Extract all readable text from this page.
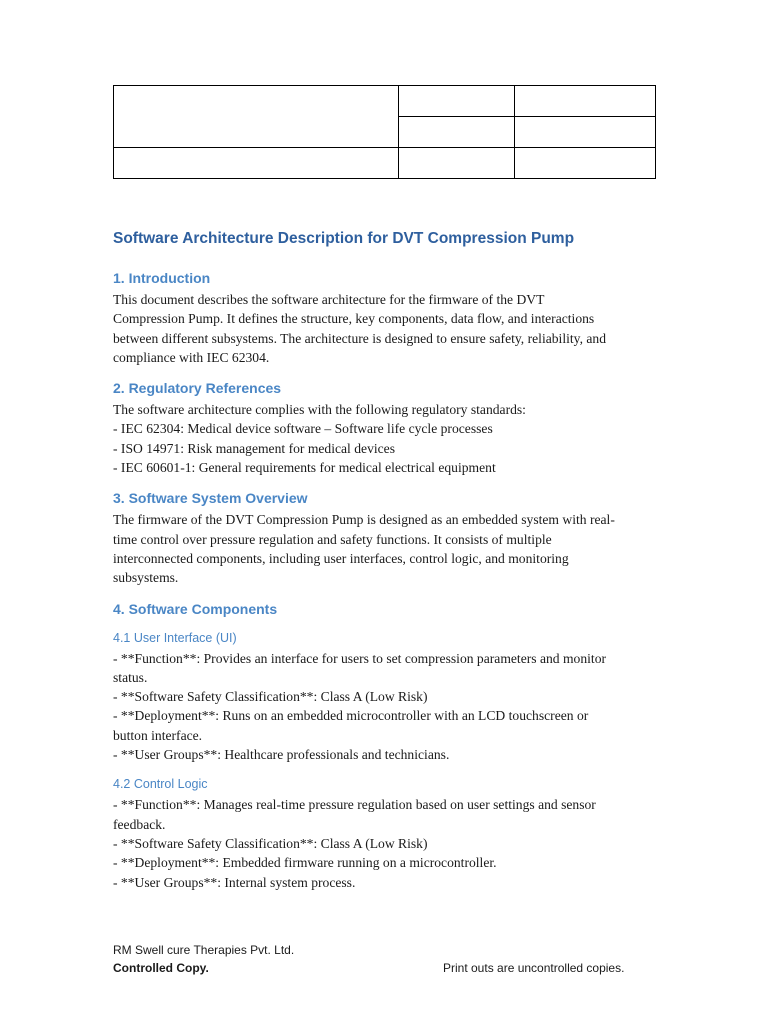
Software Architecture Description for DVT Compression Pump
1. Introduction

This document describes the software architecture for the firmware of the DVT
Compression Pump. It defines the structure, key components, data flow, and interactions
between different subsystems. The architecture is designed to ensure safety, reliability, and
compliance with IEC 62304.

2. Regulatory References

The software architecture complies with the following regulatory standards:
- IEC 62304: Medical device software – Software life cycle processes
- ISO 14971: Risk management for medical devices
- IEC 60601-1: General requirements for medical electrical equipment

3. Software System Overview

The firmware of the DVT Compression Pump is designed as an embedded system with real-
time control over pressure regulation and safety functions. It consists of multiple
interconnected components, including user interfaces, control logic, and monitoring
subsystems.

4. Software Components
4.1 User Interface (UI)

- **Function**: Provides an interface for users to set compression parameters and monitor
status.
- **Software Safety Classification**: Class A (Low Risk)
- **Deployment**: Runs on an embedded microcontroller with an LCD touchscreen or
button interface.
- **User Groups**: Healthcare professionals and technicians.

4.2 Control Logic

- **Function**: Manages real-time pressure regulation based on user settings and sensor
feedback.
- **Software Safety Classification**: Class A (Low Risk)
- **Deployment**: Embedded firmware running on a microcontroller.
- **User Groups**: Internal system process.

RM Swell cure Therapies Pvt. Ltd.
Controlled Copy.	Print outs are uncontrolled copies.
